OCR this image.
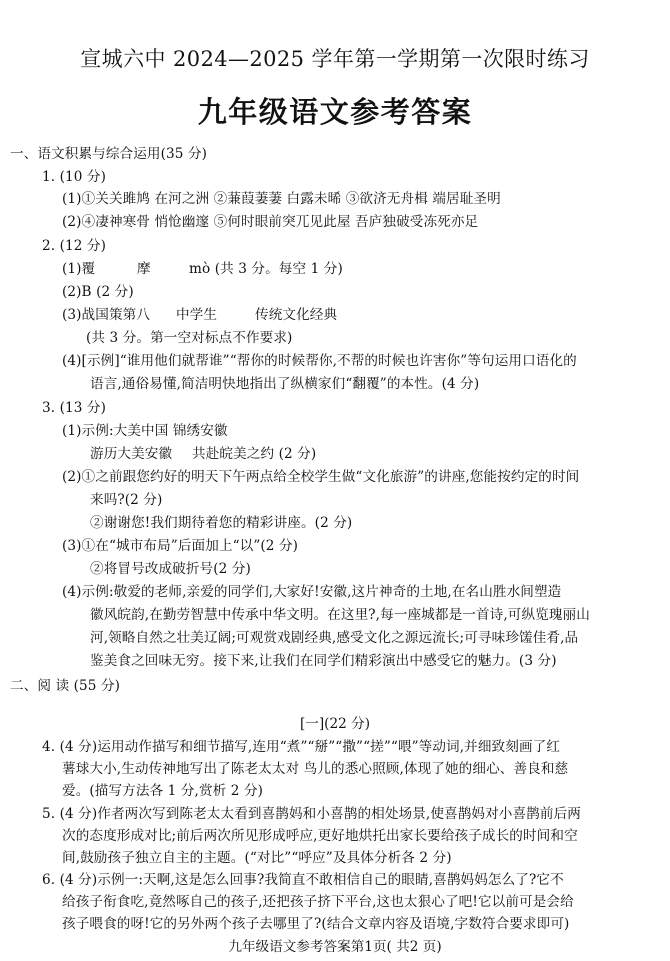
宣城六中 2024—2025 学年第一学期第一次限时练习
九年级语文参考答案
一、语文积累与综合运用(35 分)
1. (10 分)
(1)①关关雎鸠 在河之洲 ②蒹葭萋萋 白露未晞 ③欲济无舟楫 端居耻圣明
(2)④凄神寒骨 悄怆幽邃 ⑤何时眼前突兀见此屋 吾庐独破受冻死亦足
2. (12 分)
(1)覆	摩	mò (共 3 分。每空 1 分)
(2)B (2 分)
(3)战国策第八 中学生	传统文化经典
(共 3 分。第一空对标点不作要求)
(4)[示例]“谁用他们就帮谁”“帮你的时候帮你,不帮的时候也许害你”等句运用口语化的
语言,通俗易懂,简洁明快地指出了纵横家们“翻覆”的本性。(4 分)
3. (13 分)
(1)示例:大美中国 锦绣安徽
游历大美安徽 共赴皖美之约 (2 分)
(2)①之前跟您约好的明天下午两点给全校学生做“文化旅游”的讲座,您能按约定的时间
来吗?(2 分)
②谢谢您!我们期待着您的精彩讲座。(2 分)
(3)①在“城市布局”后面加上“以”(2 分)
②将冒号改成破折号(2 分)
(4)示例:敬爱的老师,亲爱的同学们,大家好!安徽,这片神奇的土地,在名山胜水间塑造
徽风皖韵,在勤劳智慧中传承中华文明。在这里?,每一座城都是一首诗,可纵览瑰丽山
河,领略自然之壮美辽阔;可观赏戏剧经典,感受文化之源远流长;可寻味珍馐佳肴,品
鉴美食之回味无穷。接下来,让我们在同学们精彩演出中感受它的魅力。(3 分)
二、阅 读 (55 分)
[一](22 分)
4. (4 分)运用动作描写和细节描写,连用“煮”“掰”“撒”“搓”“喂”等动词,并细致刻画了红
薯球大小,生动传神地写出了陈老太太对 鸟儿的悉心照顾,体现了她的细心、善良和慈
爱。(描写方法各 1 分,赏析 2 分)
5. (4 分)作者两次写到陈老太太看到喜鹊妈和小喜鹊的相处场景,使喜鹊妈对小喜鹊前后两
次的态度形成对比;前后两次所见形成呼应,更好地烘托出家长要给孩子成长的时间和空
间,鼓励孩子独立自主的主题。(“对比”“呼应”及具体分析各 2 分)
6. (4 分)示例一:天啊,这是怎么回事?我简直不敢相信自己的眼睛,喜鹊妈妈怎么了?它不
给孩子衔食吃,竟然啄自己的孩子,还把孩子挤下平台,这也太狠心了吧!它以前可是会给
九年级语文参考答案第1页( 共2 页)
孩子喂食的呀!它的另外两个孩子去哪里了?(结合文章内容及语境,字数符合要求即可)
